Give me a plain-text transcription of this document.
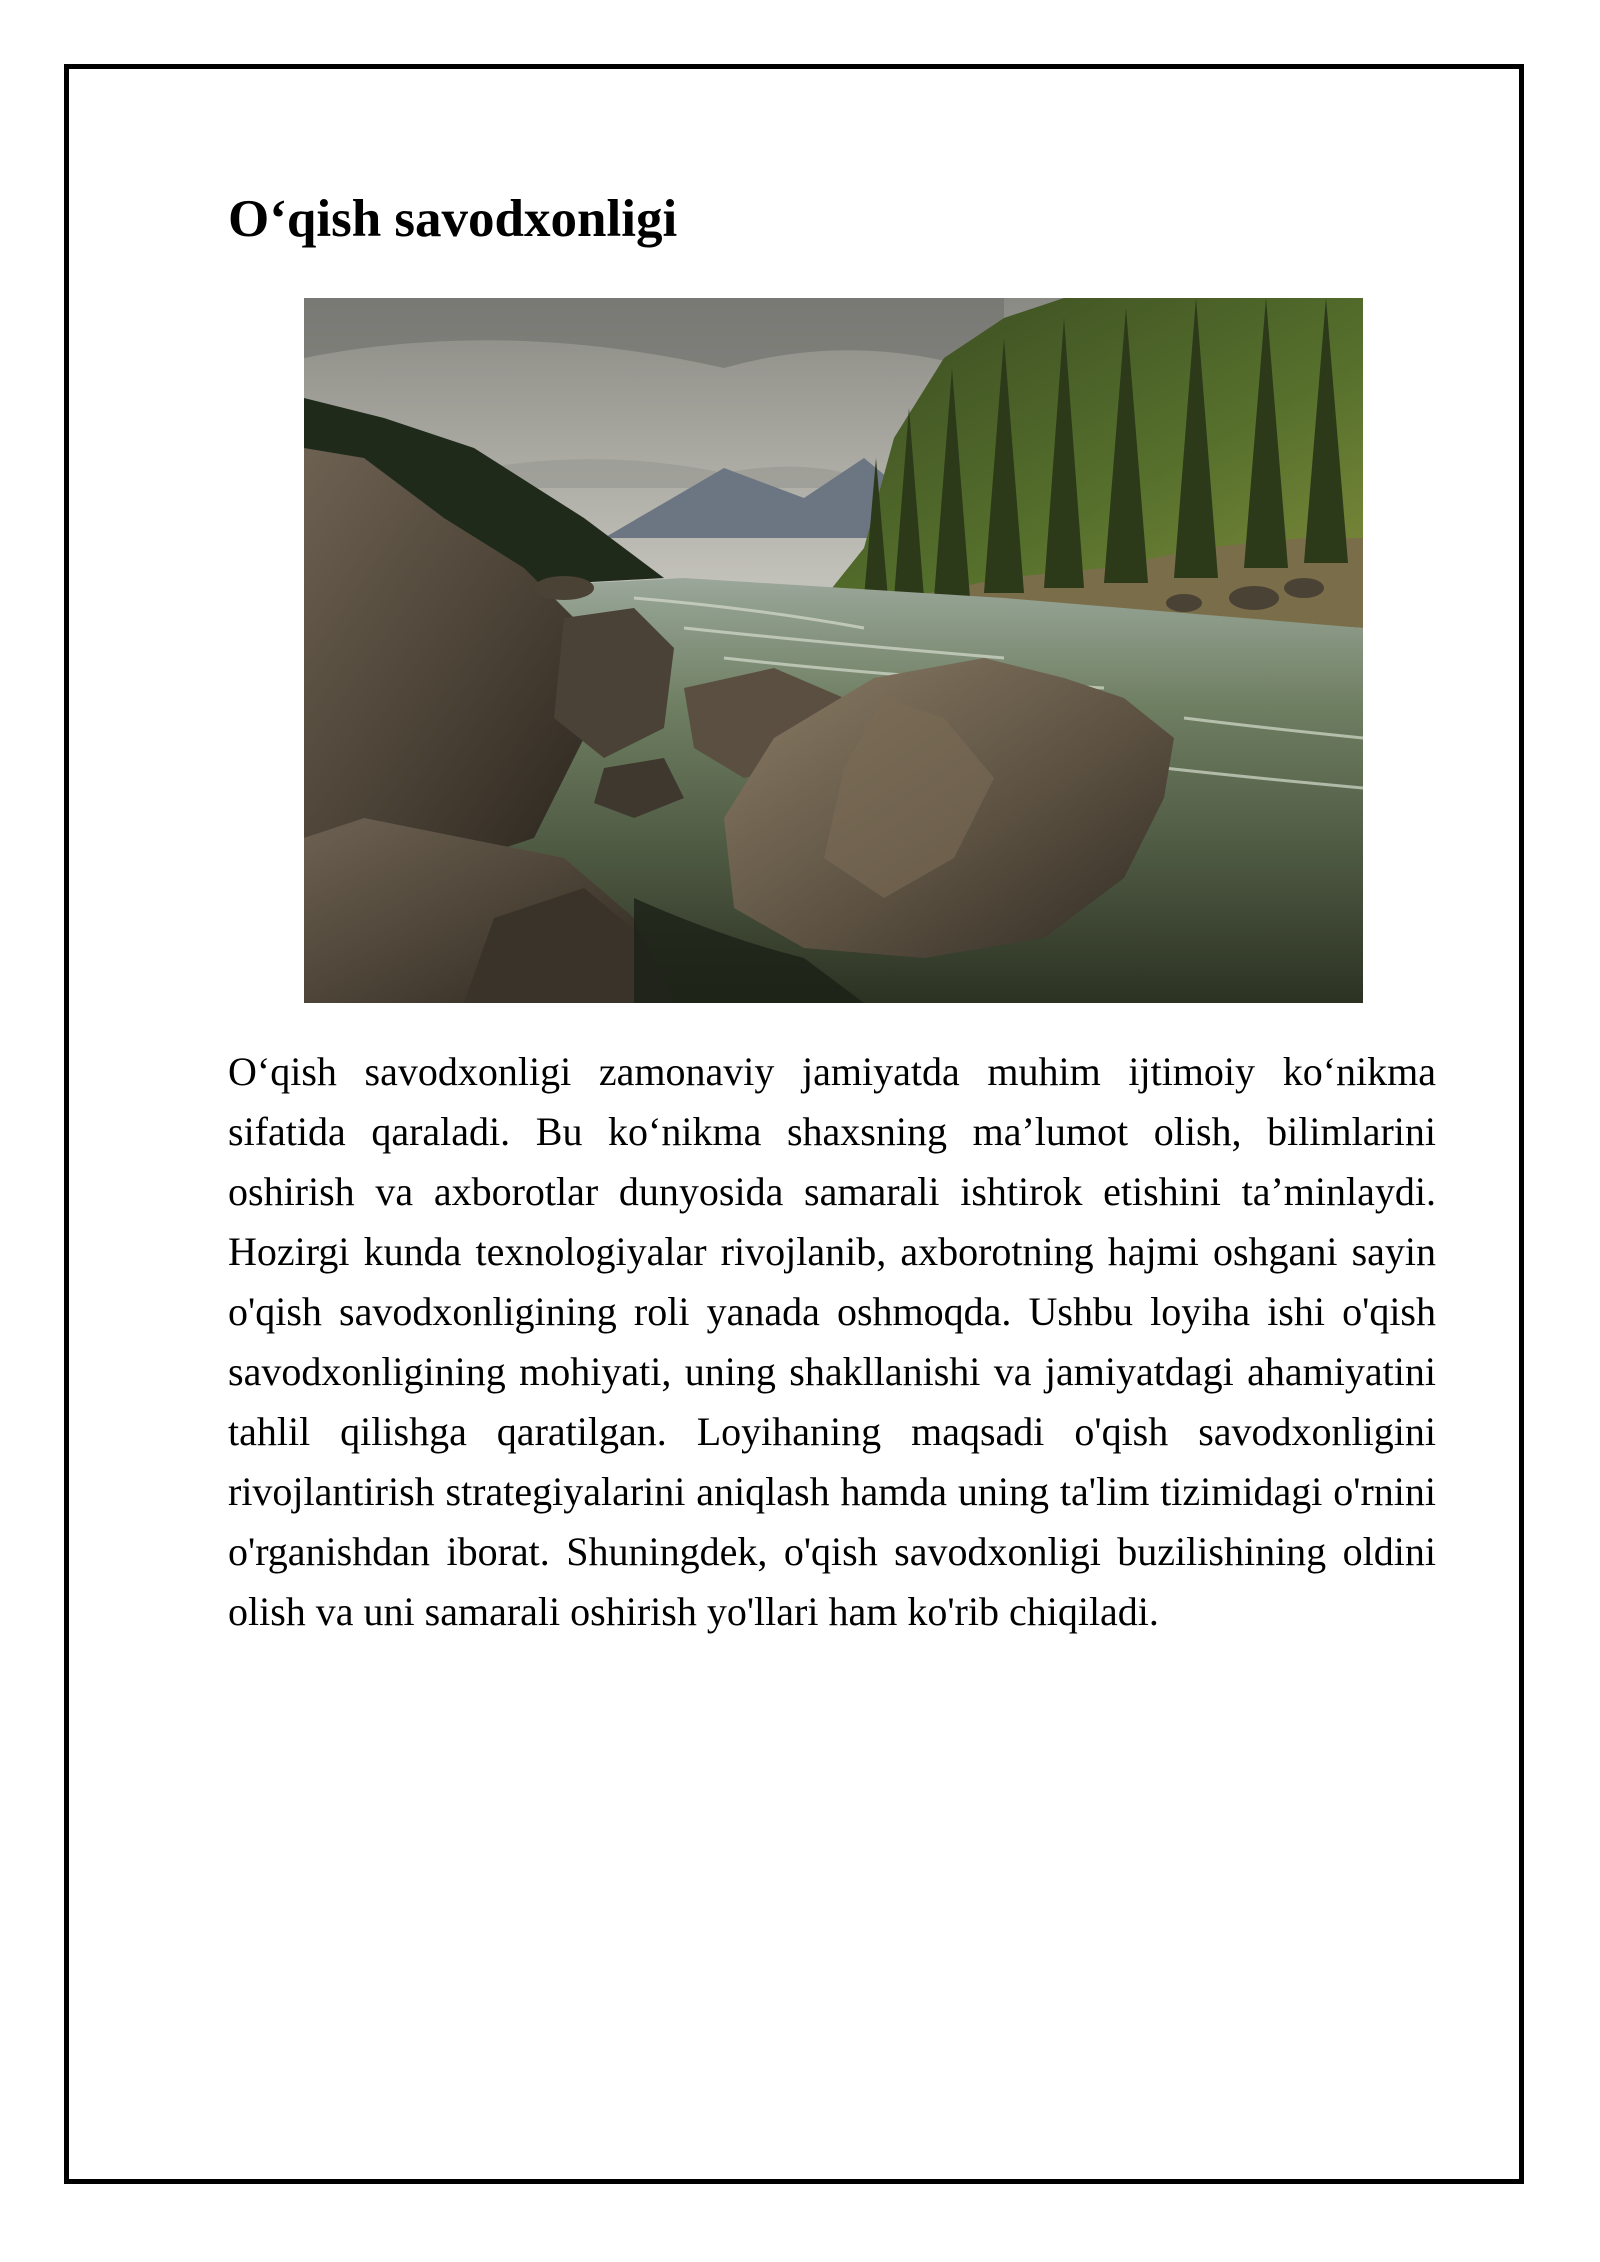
O‘qish savodxonligi

O‘qish savodxonligi zamonaviy jamiyatda muhim ijtimoiy ko‘nikma sifatida qaraladi. Bu ko‘nikma shaxsning ma’lumot olish, bilimlarini oshirish va axborotlar dunyosida samarali ishtirok etishini ta’minlaydi. Hozirgi kunda texnologiyalar rivojlanib, axborotning hajmi oshgani sayin o'qish savodxonligining roli yanada oshmoqda. Ushbu loyiha ishi o'qish savodxonligining mohiyati, uning shakllanishi va jamiyatdagi ahamiyatini tahlil qilishga qaratilgan. Loyihaning maqsadi o'qish savodxonligini rivojlantirish strategiyalarini aniqlash hamda uning ta'lim tizimidagi o'rnini o'rganishdan iborat. Shuningdek, o'qish savodxonligi buzilishining oldini olish va uni samarali oshirish yo'llari ham ko'rib chiqiladi.
